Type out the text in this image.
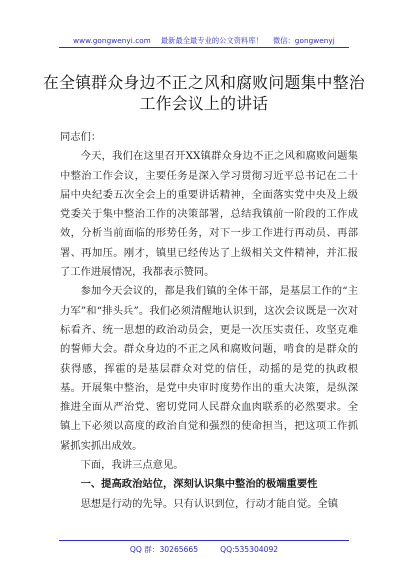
www.gongwenyi.com 最新最全最专业的公文资料库！ 微信：gongwenyj
在全镇群众身边不正之风和腐败问题集中整治
工作会议上的讲话

同志们：

今天，我们在这里召开XX镇群众身边不正之风和腐败问题集中整治工作会议，主要任务是深入学习贯彻习近平总书记在二十届中央纪委五次全会上的重要讲话精神，全面落实党中央及上级党委关于集中整治工作的决策部署，总结我镇前一阶段的工作成效，分析当前面临的形势任务，对下一步工作进行再动员、再部署、再加压。刚才，镇里已经传达了上级相关文件精神，并汇报了工作进展情况，我都表示赞同。

参加今天会议的，都是我们镇的全体干部，是基层工作的“主力军”和“排头兵”。我们必须清醒地认识到，这次会议既是一次对标看齐、统一思想的政治动员会，更是一次压实责任、攻坚克难的誓师大会。群众身边的不正之风和腐败问题，啃食的是群众的获得感，挥霍的是基层群众对党的信任，动摇的是党的执政根基。开展集中整治，是党中央审时度势作出的重大决策，是纵深推进全面从严治党、密切党同人民群众血肉联系的必然要求。全镇上下必须以高度的政治自觉和强烈的使命担当，把这项工作抓紧抓实抓出成效。

下面，我讲三点意见。

一、提高政治站位，深刻认识集中整治的极端重要性

思想是行动的先导。只有认识到位，行动才能自觉。全镇

QQ 群：30265665	QQ:535304092
